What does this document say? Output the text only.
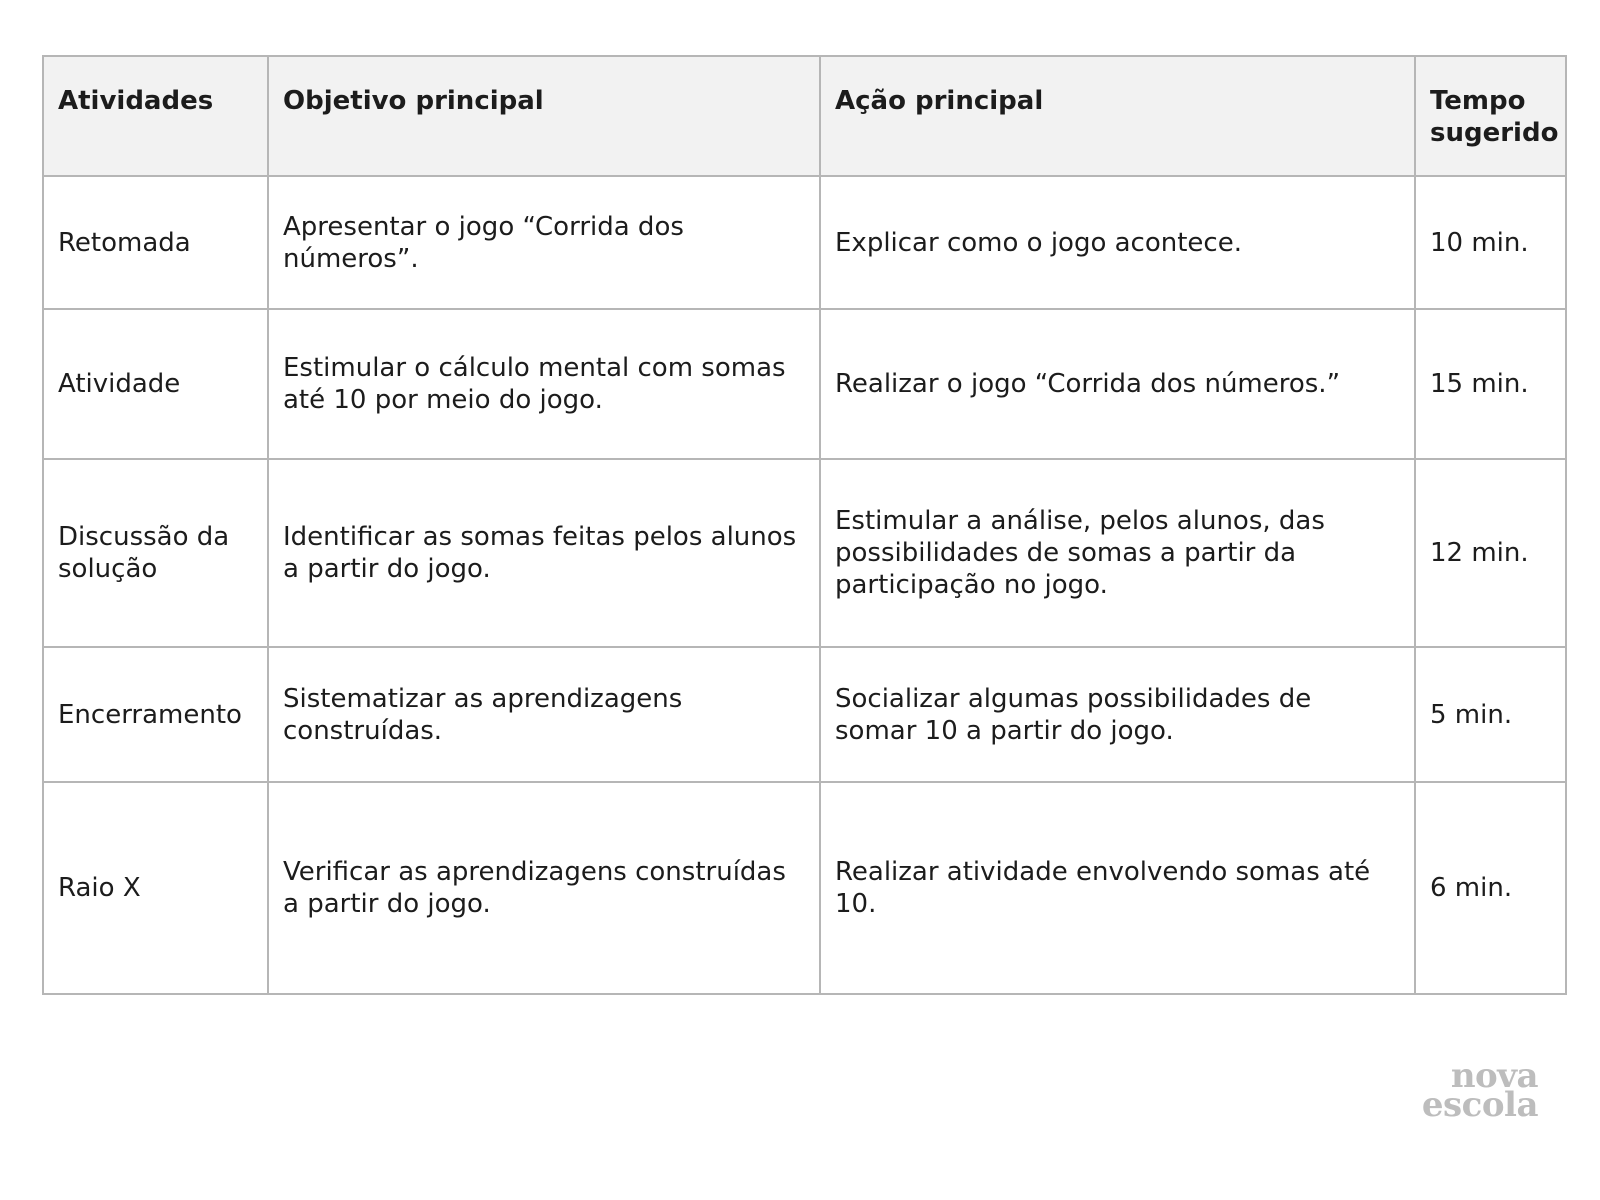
Atividades	Objetivo principal	Ação principal	Tempo sugerido
Retomada	Apresentar o jogo “Corrida dos números”.	Explicar como o jogo acontece.	10 min.
Atividade	Estimular o cálculo mental com somas até 10 por meio do jogo.	Realizar o jogo “Corrida dos números.”	15 min.
Discussão da solução	Identificar as somas feitas pelos alunos a partir do jogo.	Estimular a análise, pelos alunos, das possibilidades de somas a partir da participação no jogo.	12 min.
Encerramento	Sistematizar as aprendizagens construídas.	Socializar algumas possibilidades de somar 10 a partir do jogo.	5 min.
Raio X	Verificar as aprendizagens construídas a partir do jogo.	Realizar atividade envolvendo somas até 10.	6 min.
nova
escola
